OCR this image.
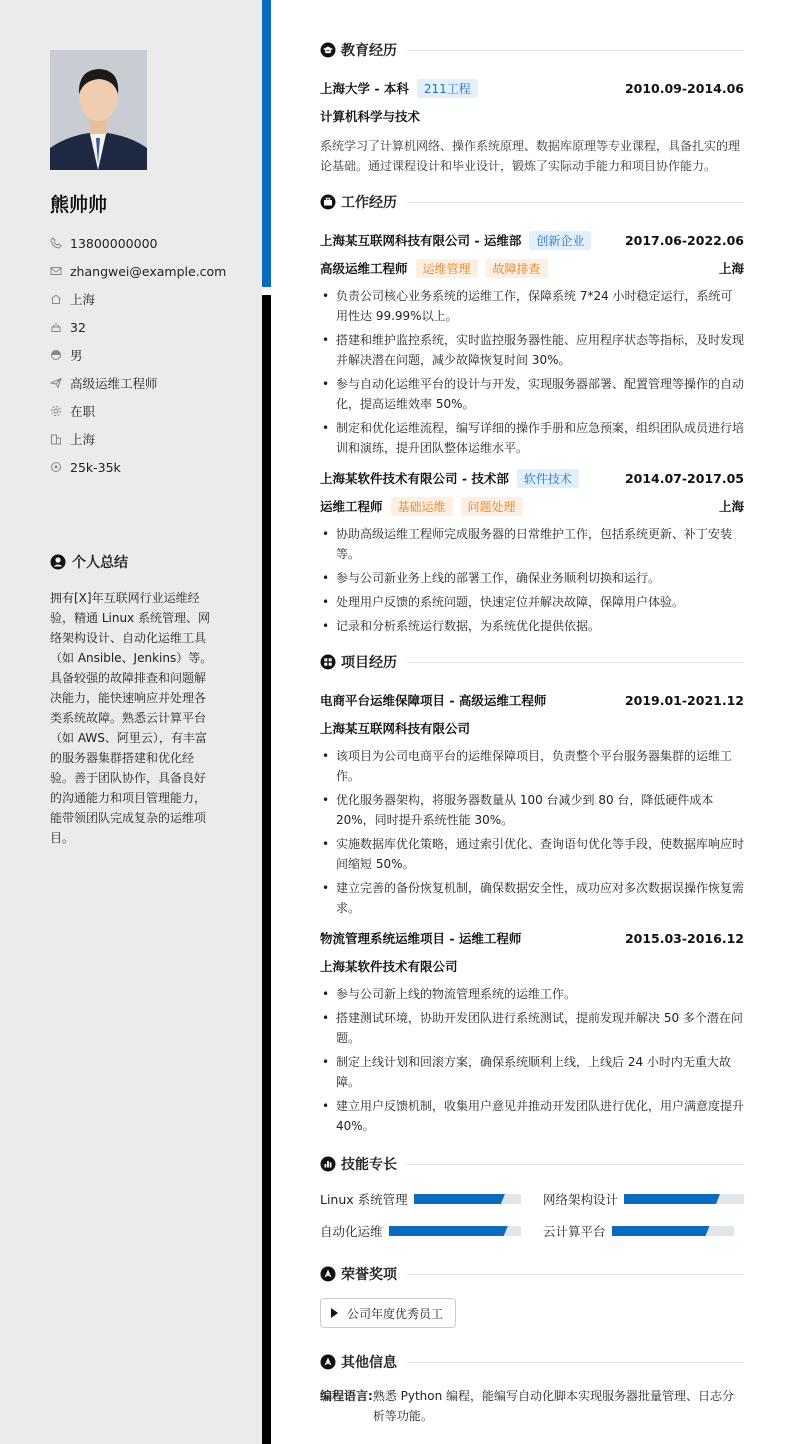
熊帅帅
13800000000
zhangwei@example.com
上海
32
男
高级运维工程师
在职
上海
25k-35k
个人总结
拥有[X]年互联网行业运维经验，精通 Linux 系统管理、网络架构设计、自动化运维工具（如 Ansible、Jenkins）等。具备较强的故障排查和问题解决能力，能快速响应并处理各类系统故障。熟悉云计算平台（如 AWS、阿里云），有丰富的服务器集群搭建和优化经验。善于团队协作，具备良好的沟通能力和项目管理能力，能带领团队完成复杂的运维项目。
教育经历
上海大学 - 本科	211工程	2010.09-2014.06
计算机科学与技术
系统学习了计算机网络、操作系统原理、数据库原理等专业课程，具备扎实的理论基础。通过课程设计和毕业设计，锻炼了实际动手能力和项目协作能力。
工作经历
上海某互联网科技有限公司 - 运维部	创新企业	2017.06-2022.06
高级运维工程师	运维管理	故障排查	上海
• 负责公司核心业务系统的运维工作，保障系统 7*24 小时稳定运行，系统可用性达 99.99%以上。
• 搭建和维护监控系统，实时监控服务器性能、应用程序状态等指标，及时发现并解决潜在问题，减少故障恢复时间 30%。
• 参与自动化运维平台的设计与开发，实现服务器部署、配置管理等操作的自动化，提高运维效率 50%。
• 制定和优化运维流程，编写详细的操作手册和应急预案，组织团队成员进行培训和演练，提升团队整体运维水平。
上海某软件技术有限公司 - 技术部	软件技术	2014.07-2017.05
运维工程师	基础运维	问题处理	上海
• 协助高级运维工程师完成服务器的日常维护工作，包括系统更新、补丁安装等。
• 参与公司新业务上线的部署工作，确保业务顺利切换和运行。
• 处理用户反馈的系统问题，快速定位并解决故障，保障用户体验。
• 记录和分析系统运行数据，为系统优化提供依据。
项目经历
电商平台运维保障项目 - 高级运维工程师	2019.01-2021.12
上海某互联网科技有限公司
• 该项目为公司电商平台的运维保障项目，负责整个平台服务器集群的运维工作。
• 优化服务器架构，将服务器数量从 100 台减少到 80 台，降低硬件成本 20%，同时提升系统性能 30%。
• 实施数据库优化策略，通过索引优化、查询语句优化等手段，使数据库响应时间缩短 50%。
• 建立完善的备份恢复机制，确保数据安全性，成功应对多次数据误操作恢复需求。
物流管理系统运维项目 - 运维工程师	2015.03-2016.12
上海某软件技术有限公司
• 参与公司新上线的物流管理系统的运维工作。
• 搭建测试环境，协助开发团队进行系统测试，提前发现并解决 50 多个潜在问题。
• 制定上线计划和回滚方案，确保系统顺利上线，上线后 24 小时内无重大故障。
• 建立用户反馈机制，收集用户意见并推动开发团队进行优化，用户满意度提升 40%。
技能专长
Linux 系统管理	网络架构设计
自动化运维	云计算平台
荣誉奖项
公司年度优秀员工
其他信息
编程语言: 熟悉 Python 编程，能编写自动化脚本实现服务器批量管理、日志分析等功能。
